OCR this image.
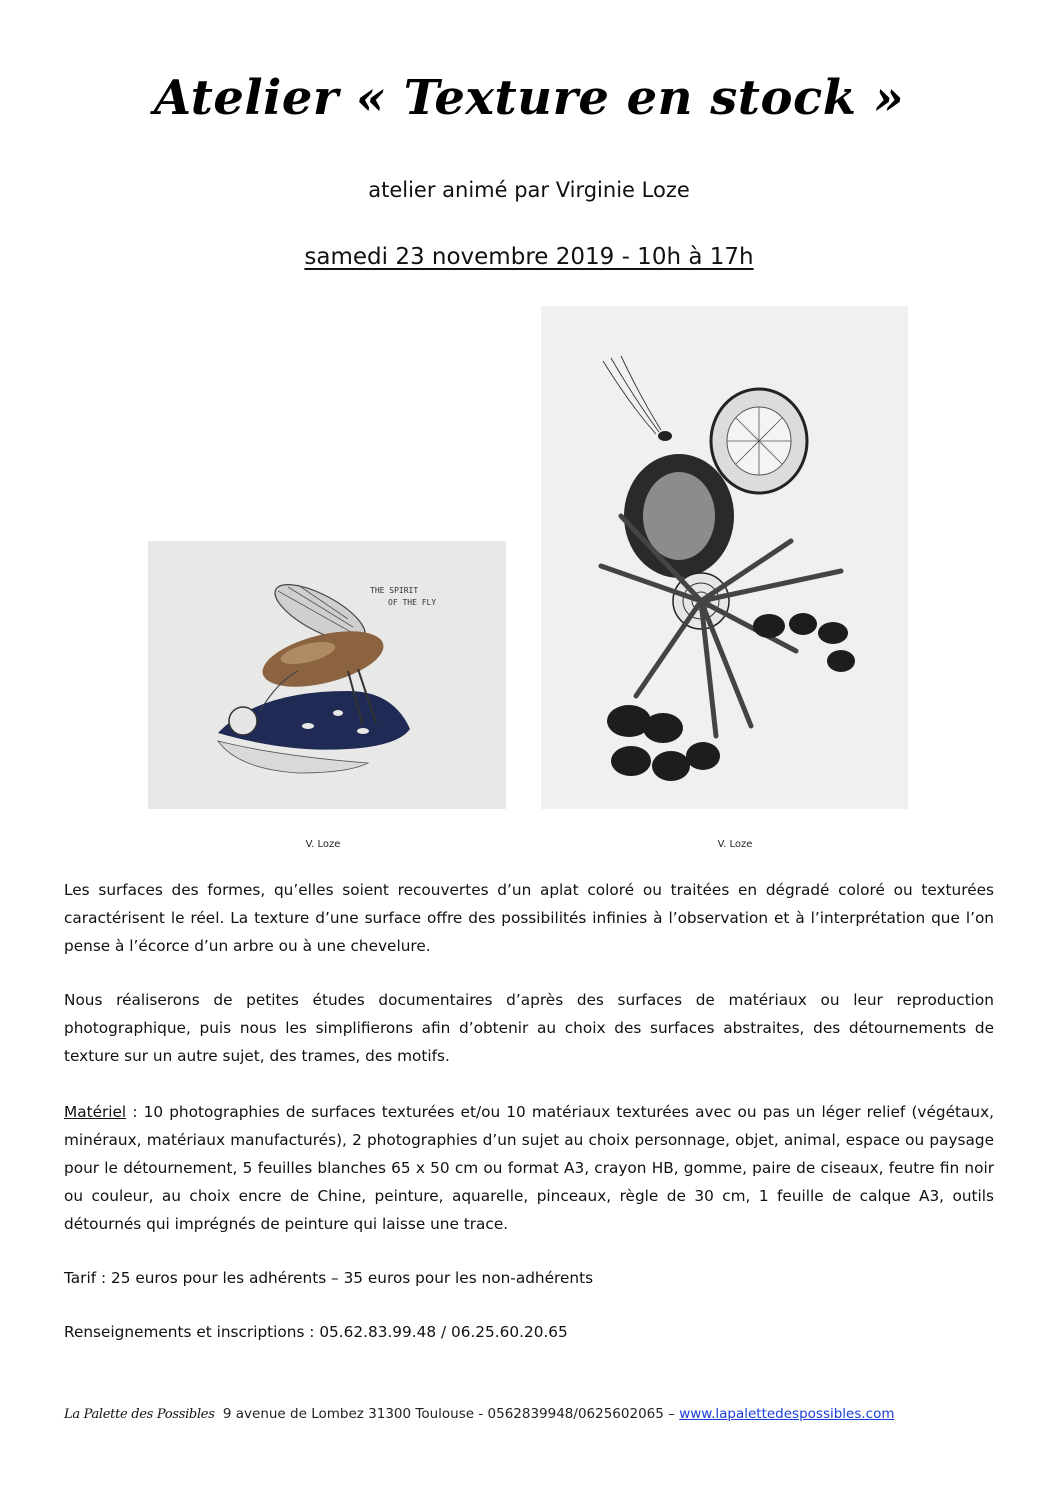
Atelier « Texture en stock »
atelier animé par Virginie Loze
samedi 23 novembre 2019 - 10h à 17h
THE SPIRIT
OF THE FLY
V. Loze	V. Loze
Les surfaces des formes, qu’elles soient recouvertes d’un aplat coloré ou traitées en dégradé coloré ou texturées caractérisent le réel. La texture d’une surface offre des possibilités infinies à l’observation et à l’interprétation que l’on pense à l’écorce d’un arbre ou à une chevelure.
Nous réaliserons de petites études documentaires d’après des surfaces de matériaux ou leur reproduction photographique, puis nous les simplifierons afin d’obtenir au choix des surfaces abstraites, des détournements de texture sur un autre sujet, des trames, des motifs.
Matériel : 10 photographies de surfaces texturées et/ou 10 matériaux texturées avec ou pas un léger relief (végétaux, minéraux, matériaux manufacturés), 2 photographies d’un sujet au choix personnage, objet, animal, espace ou paysage pour le détournement, 5 feuilles blanches 65 x 50 cm ou format A3, crayon HB, gomme, paire de ciseaux, feutre fin noir ou couleur, au choix encre de Chine, peinture, aquarelle, pinceaux, règle de 30 cm, 1 feuille de calque A3, outils détournés qui imprégnés de peinture qui laisse une trace.
Tarif : 25 euros pour les adhérents – 35 euros pour les non-adhérents
Renseignements et inscriptions : 05.62.83.99.48 / 06.25.60.20.65
La Palette des Possibles 9 avenue de Lombez 31300 Toulouse - 0562839948/0625602065 – www.lapalettedespossibles.com
